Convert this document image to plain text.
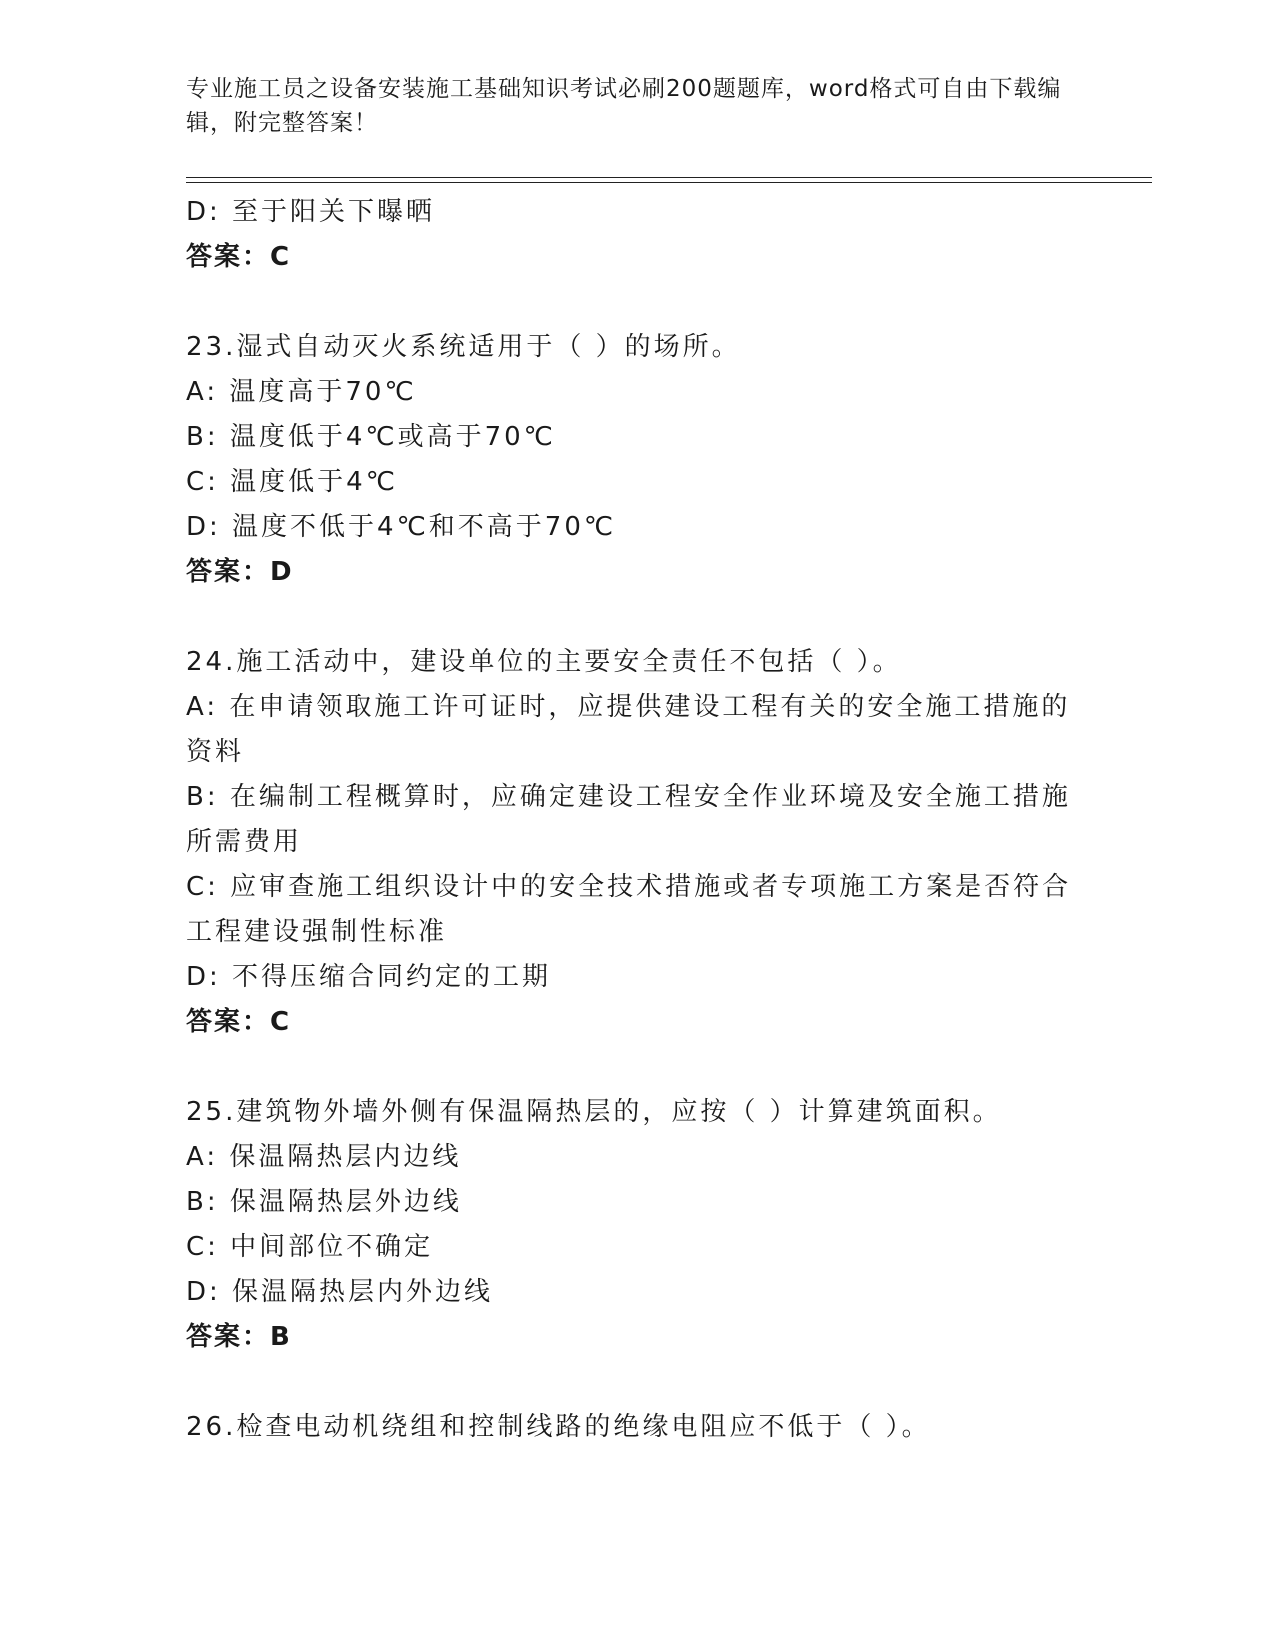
专业施工员之设备安装施工基础知识考试必刷200题题库，word格式可自由下载编辑，附完整答案！
D: 至于阳关下曝晒
答案：C
23.湿式自动灭火系统适用于（ ）的场所。
A: 温度高于70℃
B: 温度低于4℃或高于70℃
C: 温度低于4℃
D: 温度不低于4℃和不高于70℃
答案：D
24.施工活动中，建设单位的主要安全责任不包括（ ）。
A: 在申请领取施工许可证时，应提供建设工程有关的安全施工措施的资料
B: 在编制工程概算时，应确定建设工程安全作业环境及安全施工措施所需费用
C: 应审查施工组织设计中的安全技术措施或者专项施工方案是否符合工程建设强制性标准
D: 不得压缩合同约定的工期
答案：C
25.建筑物外墙外侧有保温隔热层的，应按（ ）计算建筑面积。
A: 保温隔热层内边线
B: 保温隔热层外边线
C: 中间部位不确定
D: 保温隔热层内外边线
答案：B
26.检查电动机绕组和控制线路的绝缘电阻应不低于（ ）。
